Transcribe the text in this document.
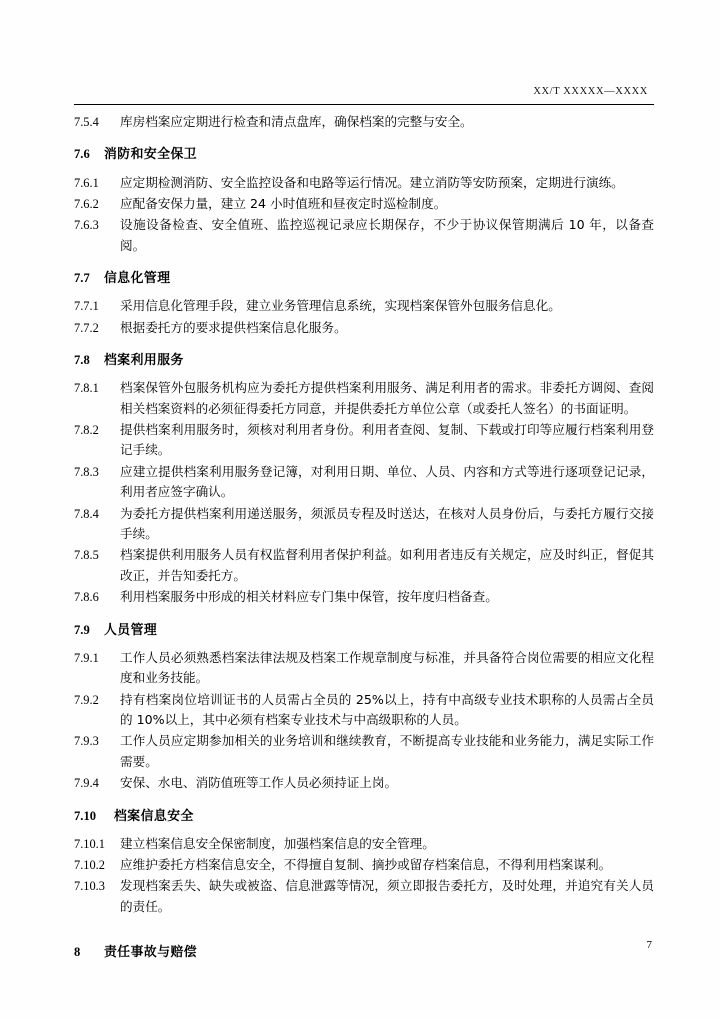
XX/T XXXXX—XXXX
7.5.4	库房档案应定期进行检查和清点盘库，确保档案的完整与安全。
7.6	消防和安全保卫
7.6.1	应定期检测消防、安全监控设备和电路等运行情况。建立消防等安防预案，定期进行演练。
7.6.2	应配备安保力量，建立 24 小时值班和昼夜定时巡检制度。
7.6.3	设施设备检查、安全值班、监控巡视记录应长期保存，不少于协议保管期满后 10 年，以备查阅。
7.7	信息化管理
7.7.1	采用信息化管理手段，建立业务管理信息系统，实现档案保管外包服务信息化。
7.7.2	根据委托方的要求提供档案信息化服务。
7.8	档案利用服务
7.8.1	档案保管外包服务机构应为委托方提供档案利用服务、满足利用者的需求。非委托方调阅、查阅相关档案资料的必须征得委托方同意，并提供委托方单位公章（或委托人签名）的书面证明。
7.8.2	提供档案利用服务时，须核对利用者身份。利用者查阅、复制、下载或打印等应履行档案利用登记手续。
7.8.3	应建立提供档案利用服务登记簿，对利用日期、单位、人员、内容和方式等进行逐项登记记录，利用者应签字确认。
7.8.4	为委托方提供档案利用递送服务，须派员专程及时送达，在核对人员身份后，与委托方履行交接手续。
7.8.5	档案提供利用服务人员有权监督利用者保护利益。如利用者违反有关规定，应及时纠正，督促其改正，并告知委托方。
7.8.6	利用档案服务中形成的相关材料应专门集中保管，按年度归档备查。
7.9	人员管理
7.9.1	工作人员必须熟悉档案法律法规及档案工作规章制度与标准，并具备符合岗位需要的相应文化程度和业务技能。
7.9.2	持有档案岗位培训证书的人员需占全员的 25%以上，持有中高级专业技术职称的人员需占全员的 10%以上，其中必须有档案专业技术与中高级职称的人员。
7.9.3	工作人员应定期参加相关的业务培训和继续教育，不断提高专业技能和业务能力，满足实际工作需要。
7.9.4	安保、水电、消防值班等工作人员必须持证上岗。
7.10	档案信息安全
7.10.1	建立档案信息安全保密制度，加强档案信息的安全管理。
7.10.2	应维护委托方档案信息安全，不得擅自复制、摘抄或留存档案信息，不得利用档案谋利。
7.10.3	发现档案丢失、缺失或被盗、信息泄露等情况，须立即报告委托方，及时处理，并追究有关人员的责任。
8	责任事故与赔偿
7
